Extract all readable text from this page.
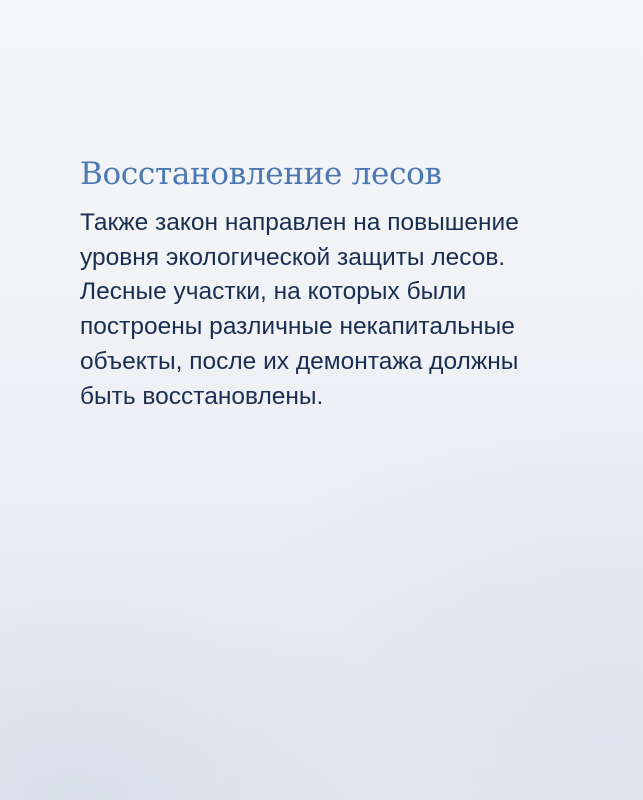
Восстановление лесов

Также закон направлен на повышение
уровня экологической защиты лесов.
Лесные участки, на которых были
построены различные некапитальные
объекты, после их демонтажа должны
быть восстановлены.
